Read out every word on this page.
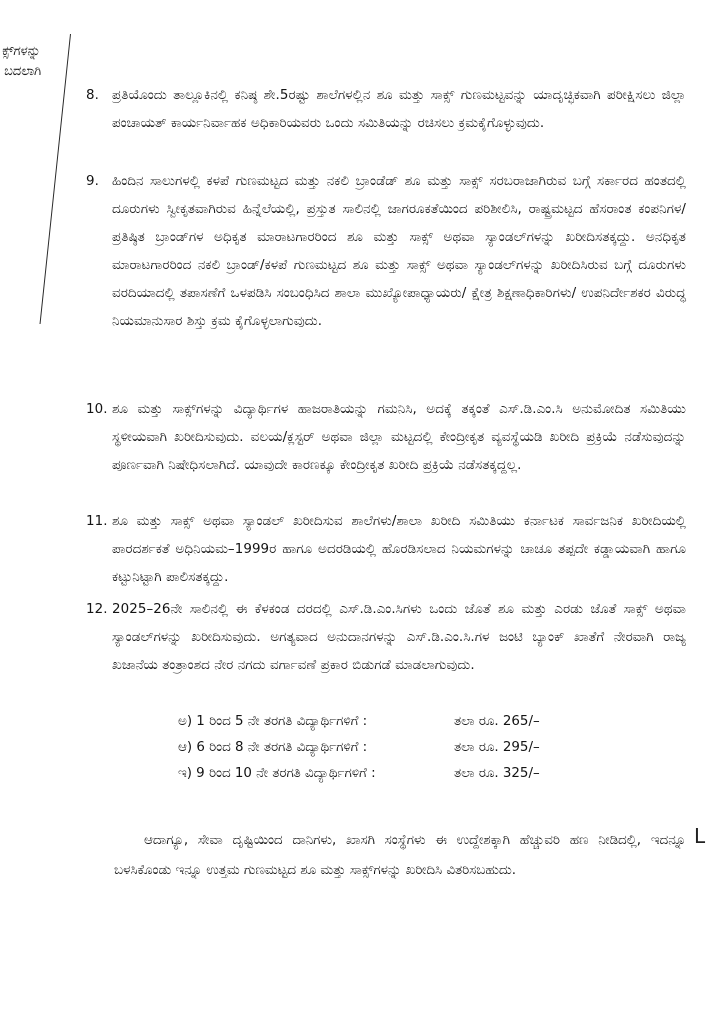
ಕ್ಸ್‌ಗಳನ್ನು
ಬದಲಾಗಿ
8. ಪ್ರತಿಯೊಂದು ತಾಲ್ಲೂಕಿನಲ್ಲಿ ಕನಿಷ್ಠ ಶೇ.5ರಷ್ಟು ಶಾಲೆಗಳಲ್ಲಿನ ಶೂ ಮತ್ತು ಸಾಕ್ಸ್ ಗುಣಮಟ್ಟವನ್ನು ಯಾದೃಚ್ಛಿಕವಾಗಿ ಪರೀಕ್ಷಿಸಲು ಜಿಲ್ಲಾ ಪಂಚಾಯತ್ ಕಾರ್ಯನಿರ್ವಾಹಕ ಅಧಿಕಾರಿಯವರು ಒಂದು ಸಮಿತಿಯನ್ನು ರಚಿಸಲು ಕ್ರಮಕೈಗೊಳ್ಳುವುದು.
9. ಹಿಂದಿನ ಸಾಲುಗಳಲ್ಲಿ ಕಳಪೆ ಗುಣಮಟ್ಟದ ಮತ್ತು ನಕಲಿ ಬ್ರಾಂಡೆಡ್ ಶೂ ಮತ್ತು ಸಾಕ್ಸ್ ಸರಬರಾಜಾಗಿರುವ ಬಗ್ಗೆ ಸರ್ಕಾರದ ಹಂತದಲ್ಲಿ ದೂರುಗಳು ಸ್ವೀಕೃತವಾಗಿರುವ ಹಿನ್ನೆಲೆಯಲ್ಲಿ, ಪ್ರಸ್ತುತ ಸಾಲಿನಲ್ಲಿ ಜಾಗರೂಕತೆಯಿಂದ ಪರಿಶೀಲಿಸಿ, ರಾಷ್ಟ್ರಮಟ್ಟದ ಹೆಸರಾಂತ ಕಂಪನಿಗಳ/ ಪ್ರತಿಷ್ಠಿತ ಬ್ರಾಂಡ್‌ಗಳ ಅಧಿಕೃತ ಮಾರಾಟಗಾರರಿಂದ ಶೂ ಮತ್ತು ಸಾಕ್ಸ್ ಅಥವಾ ಸ್ಯಾಂಡಲ್‌ಗಳನ್ನು ಖರೀದಿಸತಕ್ಕದ್ದು. ಅನಧಿಕೃತ ಮಾರಾಟಗಾರರಿಂದ ನಕಲಿ ಬ್ರಾಂಡ್/ಕಳಪೆ ಗುಣಮಟ್ಟದ ಶೂ ಮತ್ತು ಸಾಕ್ಸ್ ಅಥವಾ ಸ್ಯಾಂಡಲ್‌ಗಳನ್ನು ಖರೀದಿಸಿರುವ ಬಗ್ಗೆ ದೂರುಗಳು ವರದಿಯಾದಲ್ಲಿ ತಪಾಸಣೆಗೆ ಒಳಪಡಿಸಿ ಸಂಬಂಧಿಸಿದ ಶಾಲಾ ಮುಖ್ಯೋಪಾಧ್ಯಾಯರು/ ಕ್ಷೇತ್ರ ಶಿಕ್ಷಣಾಧಿಕಾರಿಗಳು/ ಉಪನಿರ್ದೇಶಕರ ವಿರುದ್ಧ ನಿಯಮಾನುಸಾರ ಶಿಸ್ತು ಕ್ರಮ ಕೈಗೊಳ್ಳಲಾಗುವುದು.
10. ಶೂ ಮತ್ತು ಸಾಕ್ಸ್‌ಗಳನ್ನು ವಿದ್ಯಾರ್ಥಿಗಳ ಹಾಜರಾತಿಯನ್ನು ಗಮನಿಸಿ, ಅದಕ್ಕೆ ತಕ್ಕಂತೆ ಎಸ್.ಡಿ.ಎಂ.ಸಿ ಅನುಮೋದಿತ ಸಮಿತಿಯು ಸ್ಥಳೀಯವಾಗಿ ಖರೀದಿಸುವುದು. ವಲಯ/ಕ್ಲಸ್ಟರ್ ಅಥವಾ ಜಿಲ್ಲಾ ಮಟ್ಟದಲ್ಲಿ ಕೇಂದ್ರೀಕೃತ ವ್ಯವಸ್ಥೆಯಡಿ ಖರೀದಿ ಪ್ರಕ್ರಿಯೆ ನಡೆಸುವುದನ್ನು ಪೂರ್ಣವಾಗಿ ನಿಷೇಧಿಸಲಾಗಿದೆ. ಯಾವುದೇ ಕಾರಣಕ್ಕೂ ಕೇಂದ್ರೀಕೃತ ಖರೀದಿ ಪ್ರಕ್ರಿಯೆ ನಡೆಸತಕ್ಕದ್ದಲ್ಲ.
11. ಶೂ ಮತ್ತು ಸಾಕ್ಸ್ ಅಥವಾ ಸ್ಯಾಂಡಲ್ ಖರೀದಿಸುವ ಶಾಲೆಗಳು/ಶಾಲಾ ಖರೀದಿ ಸಮಿತಿಯು ಕರ್ನಾಟಕ ಸಾರ್ವಜನಿಕ ಖರೀದಿಯಲ್ಲಿ ಪಾರದರ್ಶಕತೆ ಅಧಿನಿಯಮ–1999ರ ಹಾಗೂ ಅದರಡಿಯಲ್ಲಿ ಹೊರಡಿಸಲಾದ ನಿಯಮಗಳನ್ನು ಚಾಚೂ ತಪ್ಪದೇ ಕಡ್ಡಾಯವಾಗಿ ಹಾಗೂ ಕಟ್ಟುನಿಟ್ಟಾಗಿ ಪಾಲಿಸತಕ್ಕದ್ದು.
12. 2025–26ನೇ ಸಾಲಿನಲ್ಲಿ ಈ ಕೆಳಕಂಡ ದರದಲ್ಲಿ ಎಸ್.ಡಿ.ಎಂ.ಸಿಗಳು ಒಂದು ಜೊತೆ ಶೂ ಮತ್ತು ಎರಡು ಜೊತೆ ಸಾಕ್ಸ್ ಅಥವಾ ಸ್ಯಾಂಡಲ್‌ಗಳನ್ನು ಖರೀದಿಸುವುದು. ಅಗತ್ಯವಾದ ಅನುದಾನಗಳನ್ನು ಎಸ್.ಡಿ.ಎಂ.ಸಿ.ಗಳ ಜಂಟಿ ಬ್ಯಾಂಕ್ ಖಾತೆಗೆ ನೇರವಾಗಿ ರಾಜ್ಯ ಖಜಾನೆಯ ತಂತ್ರಾಂಶದ ನೇರ ನಗದು ವರ್ಗಾವಣೆ ಪ್ರಕಾರ ಬಿಡುಗಡೆ ಮಾಡಲಾಗುವುದು.
ಅ) 1 ರಿಂದ 5 ನೇ ತರಗತಿ ವಿದ್ಯಾರ್ಥಿಗಳಿಗೆ :	ತಲಾ ರೂ. 265/–
ಆ) 6 ರಿಂದ 8 ನೇ ತರಗತಿ ವಿದ್ಯಾರ್ಥಿಗಳಿಗೆ :	ತಲಾ ರೂ. 295/–
ಇ) 9 ರಿಂದ 10 ನೇ ತರಗತಿ ವಿದ್ಯಾರ್ಥಿಗಳಿಗೆ :	ತಲಾ ರೂ. 325/–
ಆದಾಗ್ಯೂ, ಸೇವಾ ದೃಷ್ಟಿಯಿಂದ ದಾನಿಗಳು, ಖಾಸಗಿ ಸಂಸ್ಥೆಗಳು ಈ ಉದ್ದೇಶಕ್ಕಾಗಿ ಹೆಚ್ಚುವರಿ ಹಣ ನೀಡಿದಲ್ಲಿ, ಇದನ್ನೂ ಬಳಸಿಕೊಂಡು ಇನ್ನೂ ಉತ್ತಮ ಗುಣಮಟ್ಟದ ಶೂ ಮತ್ತು ಸಾಕ್ಸ್‌ಗಳನ್ನು ಖರೀದಿಸಿ ವಿತರಿಸಬಹುದು.
L
